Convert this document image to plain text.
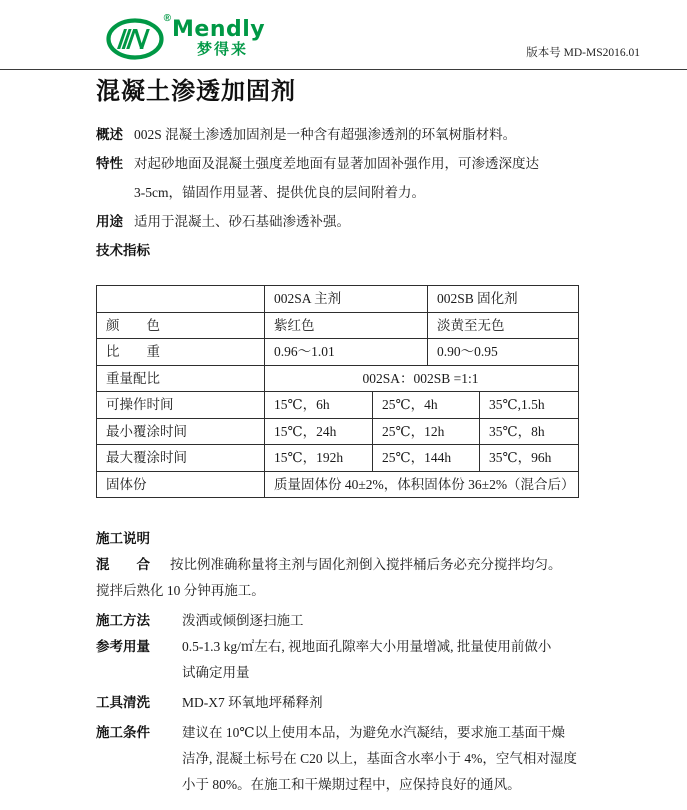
® Mendly
梦得来	版本号 MD-MS2016.01
混凝土渗透加固剂

概述 002S 混凝土渗透加固剂是一种含有超强渗透剂的环氧树脂材料。

特性 对起砂地面及混凝土强度差地面有显著加固补强作用，可渗透深度达
3-5cm，锚固作用显著、提供优良的层间附着力。

用途 适用于混凝土、砂石基础渗透补强。

技术指标

	002SA 主剂		002SB 固化剂	
颜　　色	紫红色		淡黄至无色	
比　　重	0.96～1.01		0.90～0.95	
重量配比	002SA：002SB =1:1			
可操作时间	15℃，6h	25℃，4h		35℃,1.5h
最小覆涂时间	15℃，24h	25℃，12h		35℃，8h
最大覆涂时间	15℃，192h	25℃，144h		35℃，96h
固体份	质量固体份 40±2%，体积固体份 36±2%（混合后）			

施工说明

混　　合 按比例准确称量将主剂与固化剂倒入搅拌桶后务必充分搅拌均匀。

搅拌后熟化 10 分钟再施工。

施工方法	泼洒或倾倒逐扫施工

参考用量	0.5-1.3 kg/㎡左右, 视地面孔隙率大小用量增减, 批量使用前做小
试确定用量

工具清洗	MD-X7 环氧地坪稀释剂

施工条件	建议在 10℃以上使用本品，为避免水汽凝结，要求施工基面干燥
洁净, 混凝土标号在 C20 以上，基面含水率小于 4%，空气相对湿度
小于 80%。在施工和干燥期过程中，应保持良好的通风。
